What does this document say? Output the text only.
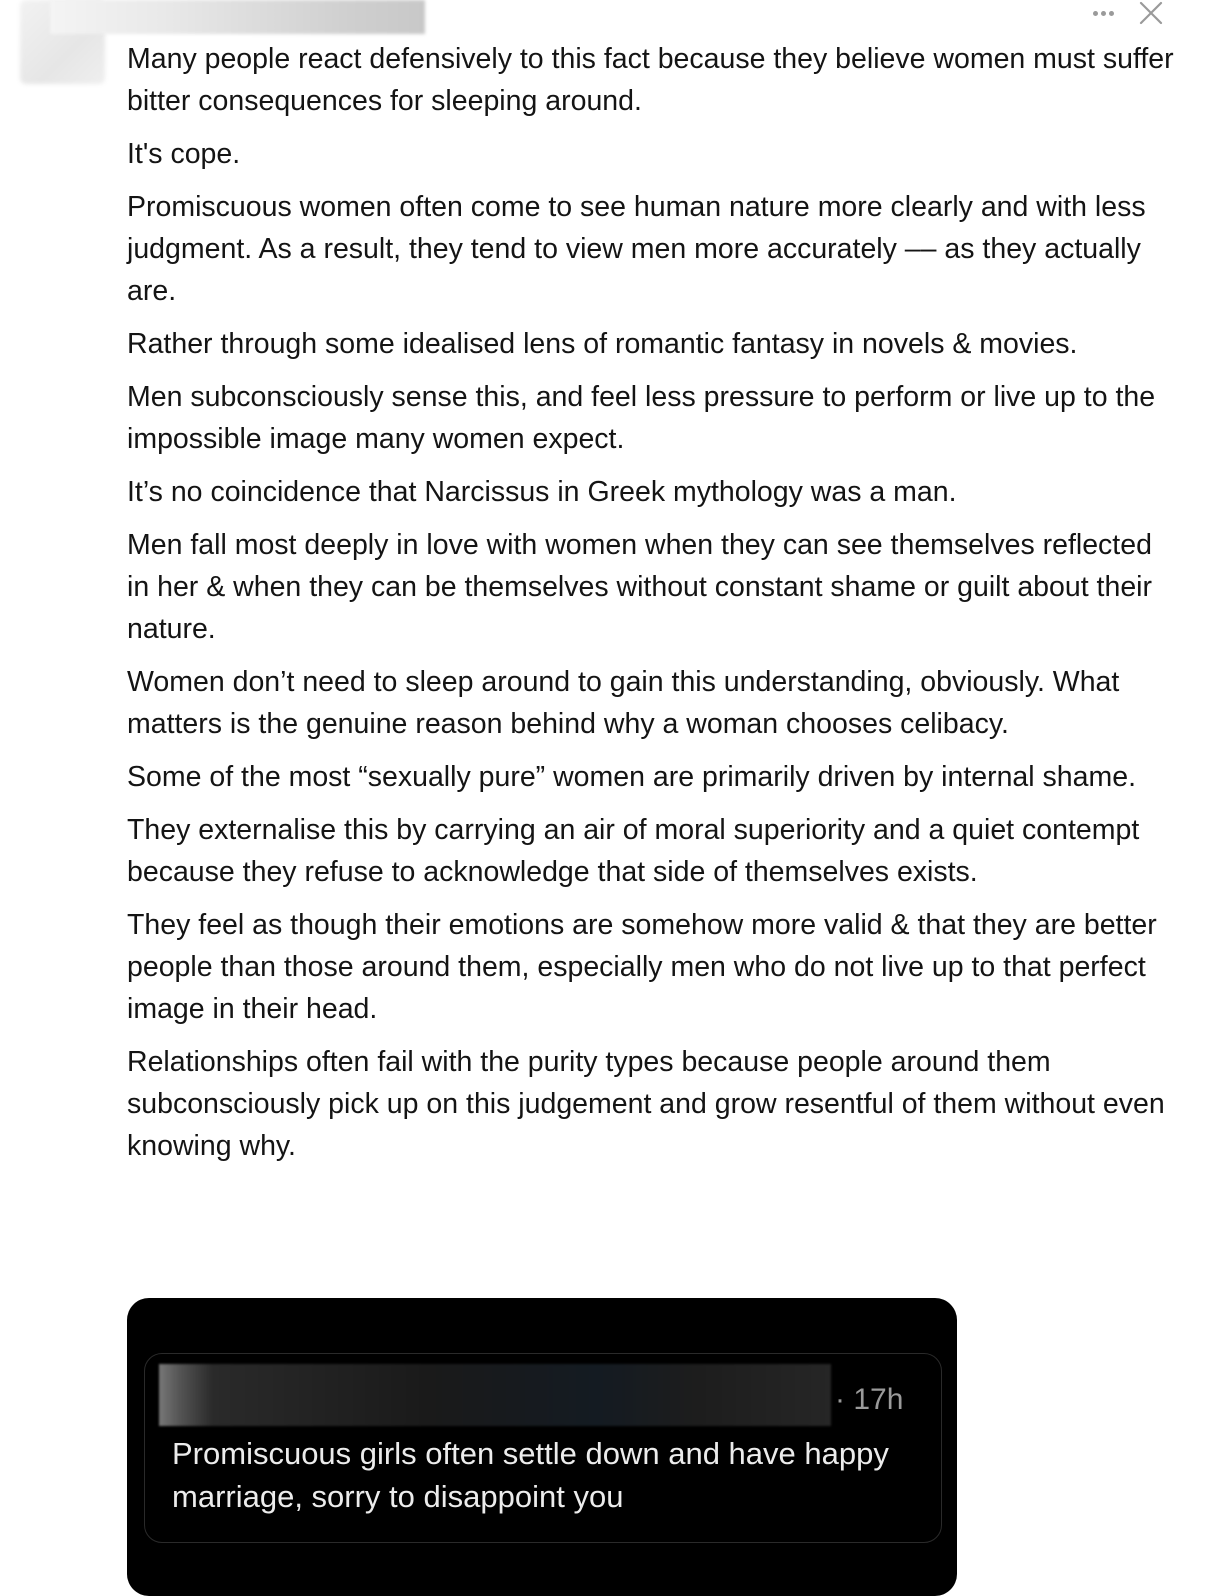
Many people react defensively to this fact because they believe women must suffer bitter consequences for sleeping around.

It's cope.

Promiscuous women often come to see human nature more clearly and with less judgment. As a result, they tend to view men more accurately –– as they actually are.

Rather through some idealised lens of romantic fantasy in novels & movies.

Men subconsciously sense this, and feel less pressure to perform or live up to the impossible image many women expect.

It’s no coincidence that Narcissus in Greek mythology was a man.

Men fall most deeply in love with women when they can see themselves reflected in her & when they can be themselves without constant shame or guilt about their nature.

Women don’t need to sleep around to gain this understanding, obviously. What matters is the genuine reason behind why a woman chooses celibacy.

Some of the most “sexually pure” women are primarily driven by internal shame.

They externalise this by carrying an air of moral superiority and a quiet contempt because they refuse to acknowledge that side of themselves exists.

They feel as though their emotions are somehow more valid & that they are better people than those around them, especially men who do not live up to that perfect image in their head.

Relationships often fail with the purity types because people around them subconsciously pick up on this judgement and grow resentful of them without even knowing why.

· 17h

Promiscuous girls often settle down and have happy marriage, sorry to disappoint you
